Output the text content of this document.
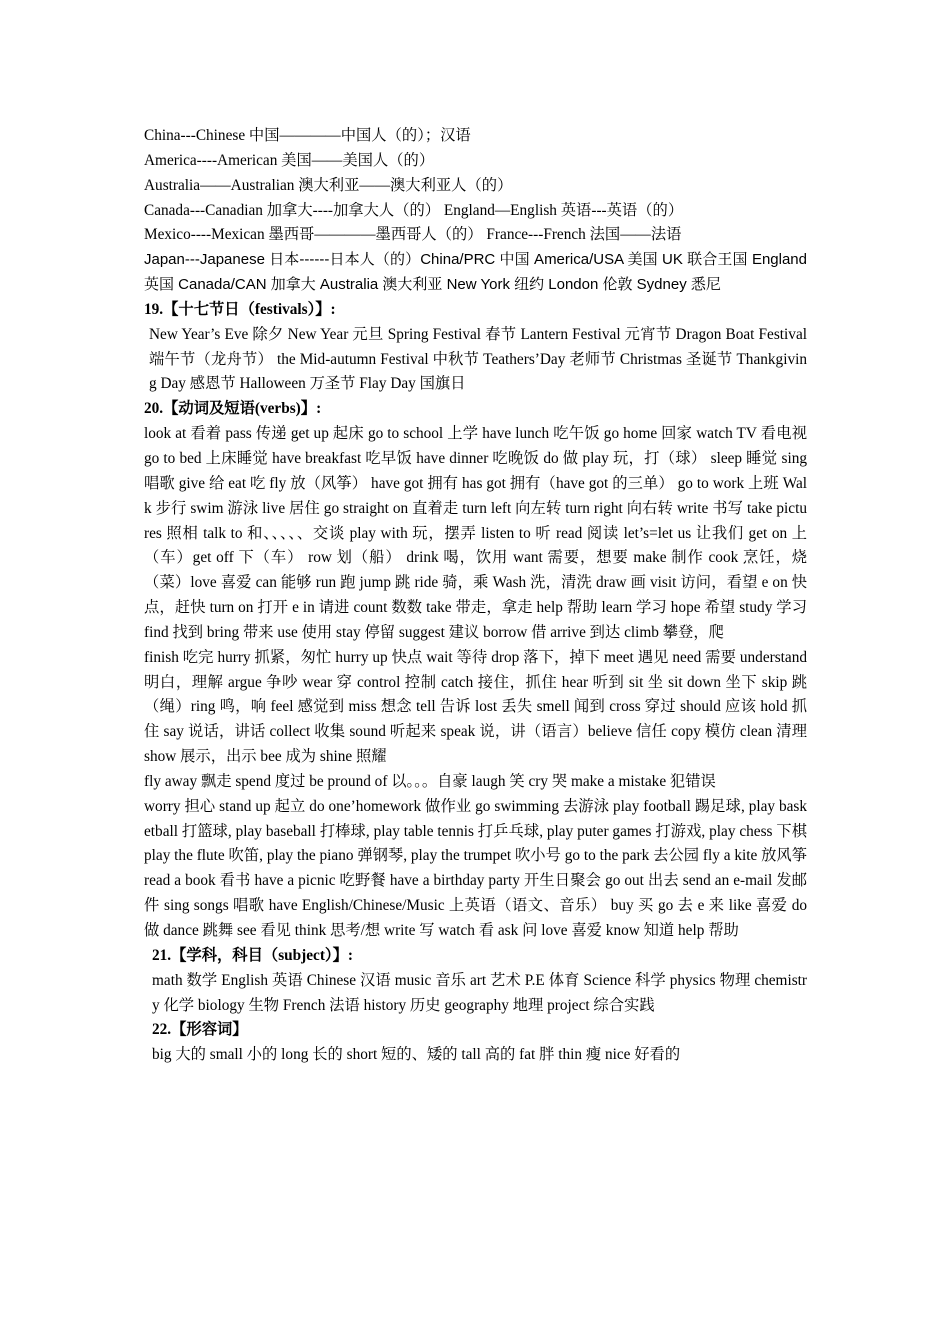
China---Chinese 中国————中国人（的）；汉语
America----American 美国——美国人（的）
Australia——Australian 澳大利亚——澳大利亚人（的）
Canada---Canadian 加拿大----加拿大人（的） England—English 英语---英语（的）
Mexico----Mexican 墨西哥————墨西哥人（的） France---French 法国——法语
Japan---Japanese 日本------日本人（的）China/PRC 中国 America/USA 美国 UK 联合王国 England 英国 Canada/CAN 加拿大 Australia 澳大利亚 New York 纽约 London 伦敦 Sydney 悉尼
19.【十七节日（festivals）】:
New Year’s Eve 除夕 New Year 元旦 Spring Festival 春节 Lantern Festival 元宵节 Dragon Boat Festival 端午节（龙舟节） the Mid-autumn Festival 中秋节 Teathers’Day 老师节 Christmas 圣诞节 Thankgiving Day 感恩节 Halloween 万圣节 Flay Day 国旗日
20.【动词及短语(verbs)】:
look at 看着 pass 传递 get up 起床 go to school 上学 have lunch 吃午饭 go home 回家 watch TV 看电视 go to bed 上床睡觉 have breakfast 吃早饭 have dinner 吃晚饭 do 做 play 玩，打（球） sleep 睡觉 sing 唱歌 give 给 eat 吃 fly 放（风筝） have got 拥有 has got 拥有（have got 的三单） go to work 上班 Walk 步行 swim 游泳 live 居住 go straight on 直着走 turn left 向左转 turn right 向右转 write 书写 take pictures 照相 talk to 和、、、、、交谈 play with 玩，摆弄 listen to 听 read 阅读 let’s=let us 让我们 get on 上（车）get off 下（车） row 划（船） drink 喝，饮用 want 需要，想要 make 制作 cook 烹饪，烧（菜）love 喜爱 can 能够 run 跑 jump 跳 ride 骑，乘 Wash 洗，清洗 draw 画 visit 访问，看望 e on 快点，赶快 turn on 打开 e in 请进 count 数数 take 带走，拿走 help 帮助 learn 学习 hope 希望 study 学习 find 找到 bring 带来 use 使用 stay 停留 suggest 建议 borrow 借 arrive 到达 climb 攀登，爬
finish 吃完 hurry 抓紧，匆忙 hurry up 快点 wait 等待 drop 落下，掉下 meet 遇见 need 需要 understand 明白，理解 argue 争吵 wear 穿 control 控制 catch 接住，抓住 hear 听到 sit 坐 sit down 坐下 skip 跳（绳）ring 鸣，响 feel 感觉到 miss 想念 tell 告诉 lost 丢失 smell 闻到 cross 穿过 should 应该 hold 抓住 say 说话，讲话 collect 收集 sound 听起来 speak 说，讲（语言）believe 信任 copy 模仿 clean 清理 show 展示，出示 bee 成为 shine 照耀
fly away 飘走 spend 度过 be pround of 以。。。自豪 laugh 笑 cry 哭 make a mistake 犯错误
worry 担心 stand up 起立 do one’homework 做作业 go swimming 去游泳 play football 踢足球, play basketball 打篮球, play baseball 打棒球, play table tennis 打乒乓球, play puter games 打游戏, play chess 下棋 play the flute 吹笛, play the piano 弹钢琴, play the trumpet 吹小号 go to the park 去公园 fly a kite 放风筝 read a book 看书 have a picnic 吃野餐 have a birthday party 开生日聚会 go out 出去 send an e-mail 发邮件 sing songs 唱歌 have English/Chinese/Music 上英语（语文、音乐） buy 买 go 去 e 来 like 喜爱 do 做 dance 跳舞 see 看见 think 思考/想 write 写 watch 看 ask 问 love 喜爱 know 知道 help 帮助
21.【学科，科目（subject）】:
math 数学 English 英语 Chinese 汉语 music 音乐 art 艺术 P.E 体育 Science 科学 physics 物理 chemistry 化学 biology 生物 French 法语 history 历史 geography 地理 project 综合实践
22.【形容词】
big 大的 small 小的 long 长的 short 短的、矮的 tall 高的 fat 胖 thin 瘦 nice 好看的
